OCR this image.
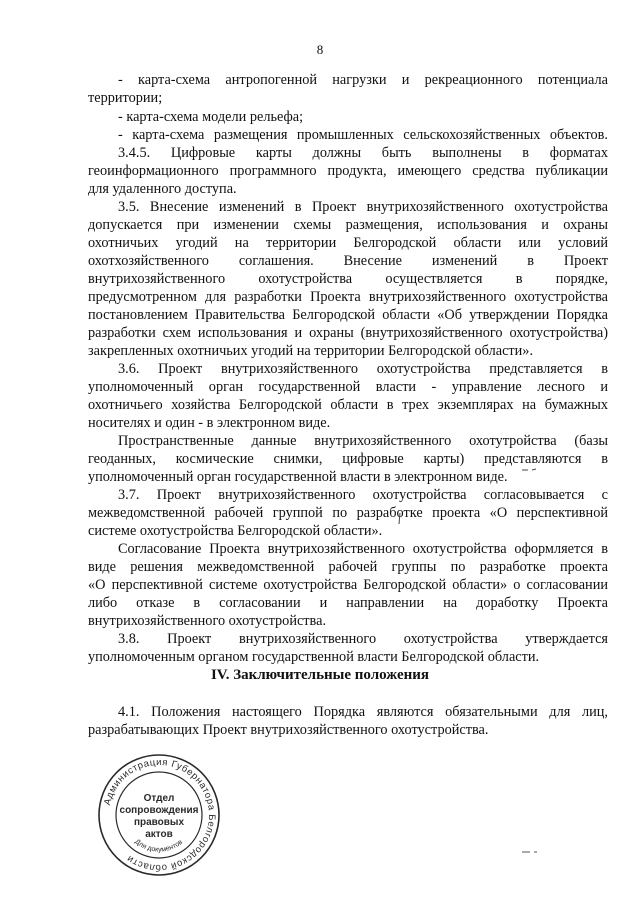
8
- карта-схема антропогенной нагрузки и рекреационного потенциала
территории;
- карта-схема модели рельефа;
- карта-схема размещения промышленных сельскохозяйственных объектов.
3.4.5. Цифровые карты должны быть выполнены в форматах
геоинформационного программного продукта, имеющего средства публикации
для удаленного доступа.
3.5. Внесение изменений в Проект внутрихозяйственного охотустройства
допускается при изменении схемы размещения, использования и охраны
охотничьих угодий на территории Белгородской области или условий
охотхозяйственного соглашения. Внесение изменений в Проект
внутрихозяйственного охотустройства осуществляется в порядке,
предусмотренном для разработки Проекта внутрихозяйственного охотустройства
постановлением Правительства Белгородской области «Об утверждении Порядка
разработки схем использования и охраны (внутрихозяйственного охотустройства)
закрепленных охотничьих угодий на территории Белгородской области».
3.6. Проект внутрихозяйственного охотустройства представляется в
уполномоченный орган государственной власти - управление лесного и
охотничьего хозяйства Белгородской области в трех экземплярах на бумажных
носителях и один - в электронном виде.
Пространственные данные внутрихозяйственного охотутройства (базы
геоданных, космические снимки, цифровые карты) представляются в
уполномоченный орган государственной власти в электронном виде.
3.7. Проект внутрихозяйственного охотустройства согласовывается с
межведомственной рабочей группой по разработке проекта «О перспективной
системе охотустройства Белгородской области».
Согласование Проекта внутрихозяйственного охотустройства оформляется в
виде решения межведомственной рабочей группы по разработке проекта
«О перспективной системе охотустройства Белгородской области» о согласовании
либо отказе в согласовании и направлении на доработку Проекта
внутрихозяйственного охотустройства.
3.8. Проект внутрихозяйственного охотустройства утверждается
уполномоченным органом государственной власти Белгородской области.
IV. Заключительные положения
4.1. Положения настоящего Порядка являются обязательными для лиц,
разрабатывающих Проект внутрихозяйственного охотустройства.
Администрация Губернатора Белгородской области
Отдел
сопровождения
правовых
актов
Для документов
